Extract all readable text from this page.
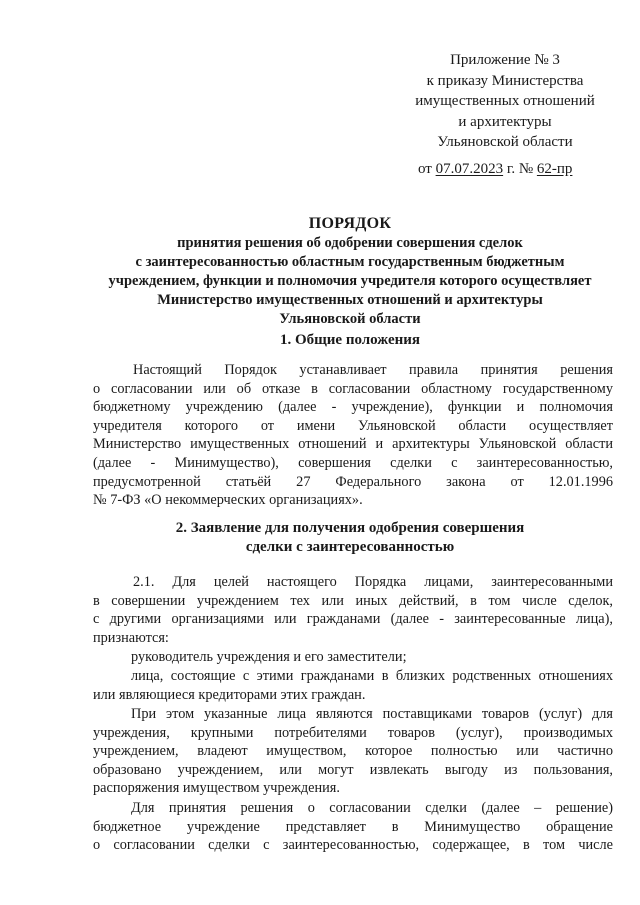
Приложение № 3
к приказу Министерства
имущественных отношений
и архитектуры
Ульяновской области
от 07.07.2023 г. № 62-пр
ПОРЯДОК
принятия решения об одобрении совершения сделок
с заинтересованностью областным государственным бюджетным
учреждением, функции и полномочия учредителя которого осуществляет
Министерство имущественных отношений и архитектуры
Ульяновской области
1. Общие положения
Настоящий Порядок устанавливает правила принятия решения
о согласовании или об отказе в согласовании областному государственному
бюджетному учреждению (далее - учреждение), функции и полномочия
учредителя которого от имени Ульяновской области осуществляет
Министерство имущественных отношений и архитектуры Ульяновской области
(далее - Минимущество), совершения сделки с заинтересованностью,
предусмотренной статьёй 27 Федерального закона от 12.01.1996
№ 7-ФЗ «О некоммерческих организациях».
2. Заявление для получения одобрения совершения
сделки с заинтересованностью
2.1. Для целей настоящего Порядка лицами, заинтересованными
в совершении учреждением тех или иных действий, в том числе сделок,
с другими организациями или гражданами (далее - заинтересованные лица),
признаются:
руководитель учреждения и его заместители;
лица, состоящие с этими гражданами в близких родственных отношениях
или являющиеся кредиторами этих граждан.
При этом указанные лица являются поставщиками товаров (услуг) для
учреждения, крупными потребителями товаров (услуг), производимых
учреждением, владеют имуществом, которое полностью или частично
образовано учреждением, или могут извлекать выгоду из пользования,
распоряжения имуществом учреждения.
Для принятия решения о согласовании сделки (далее – решение)
бюджетное учреждение представляет в Минимущество обращение
о согласовании сделки с заинтересованностью, содержащее, в том числе
